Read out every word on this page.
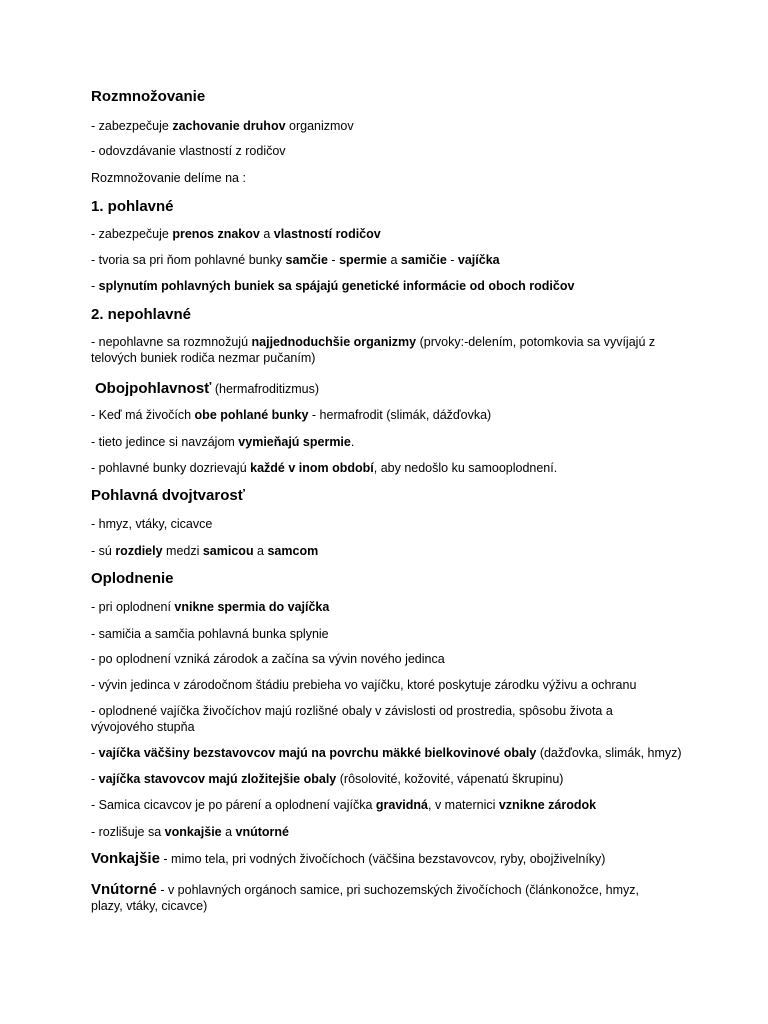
Rozmnožovanie
- zabezpečuje zachovanie druhov organizmov
- odovzdávanie vlastností z rodičov
Rozmnožovanie delíme na :
1. pohlavné
- zabezpečuje prenos znakov a vlastností rodičov
- tvoria sa pri ňom pohlavné bunky samčie - spermie a samičie - vajíčka
- splynutím pohlavných buniek sa spájajú genetické informácie od oboch rodičov
2. nepohlavné
- nepohlavne sa rozmnožujú najjednoduchšie organizmy (prvoky:-delením, potomkovia sa vyvíjajú z telových buniek rodiča nezmar pučaním)
Obojpohlavnosť (hermafroditizmus)
- Keď má živočích obe pohlané bunky - hermafrodit (slimák, dážďovka)
- tieto jedince si navzájom vymieňajú spermie.
- pohlavné bunky dozrievajú každé v inom období, aby nedošlo ku samooplodnení.
Pohlavná dvojtvarosť
- hmyz, vtáky, cicavce
- sú rozdiely medzi samicou a samcom
Oplodnenie
- pri oplodnení vnikne spermia do vajíčka
- samičia a samčia pohlavná bunka splynie
- po oplodnení vzniká zárodok a začína sa vývin nového jedinca
- vývin jedinca v zárodočnom štádiu prebieha vo vajíčku, ktoré poskytuje zárodku výživu a ochranu
- oplodnené vajíčka živočíchov majú rozlišné obaly v závislosti od prostredia, spôsobu života a vývojového stupňa
- vajíčka väčšiny bezstavovcov majú na povrchu mäkké bielkovinové obaly (dažďovka, slimák, hmyz)
- vajíčka stavovcov majú zložitejšie obaly (rôsolovité, kožovité, vápenatú škrupinu)
- Samica cicavcov je po párení a oplodnení vajíčka gravidná, v maternici vznikne zárodok
- rozlišuje sa vonkajšie a vnútorné
Vonkajšie - mimo tela, pri vodných živočíchoch (väčšina bezstavovcov, ryby, obojživelníky)
Vnútorné - v pohlavných orgánoch samice, pri suchozemských živočíchoch (článkonožce, hmyz, plazy, vtáky, cicavce)
